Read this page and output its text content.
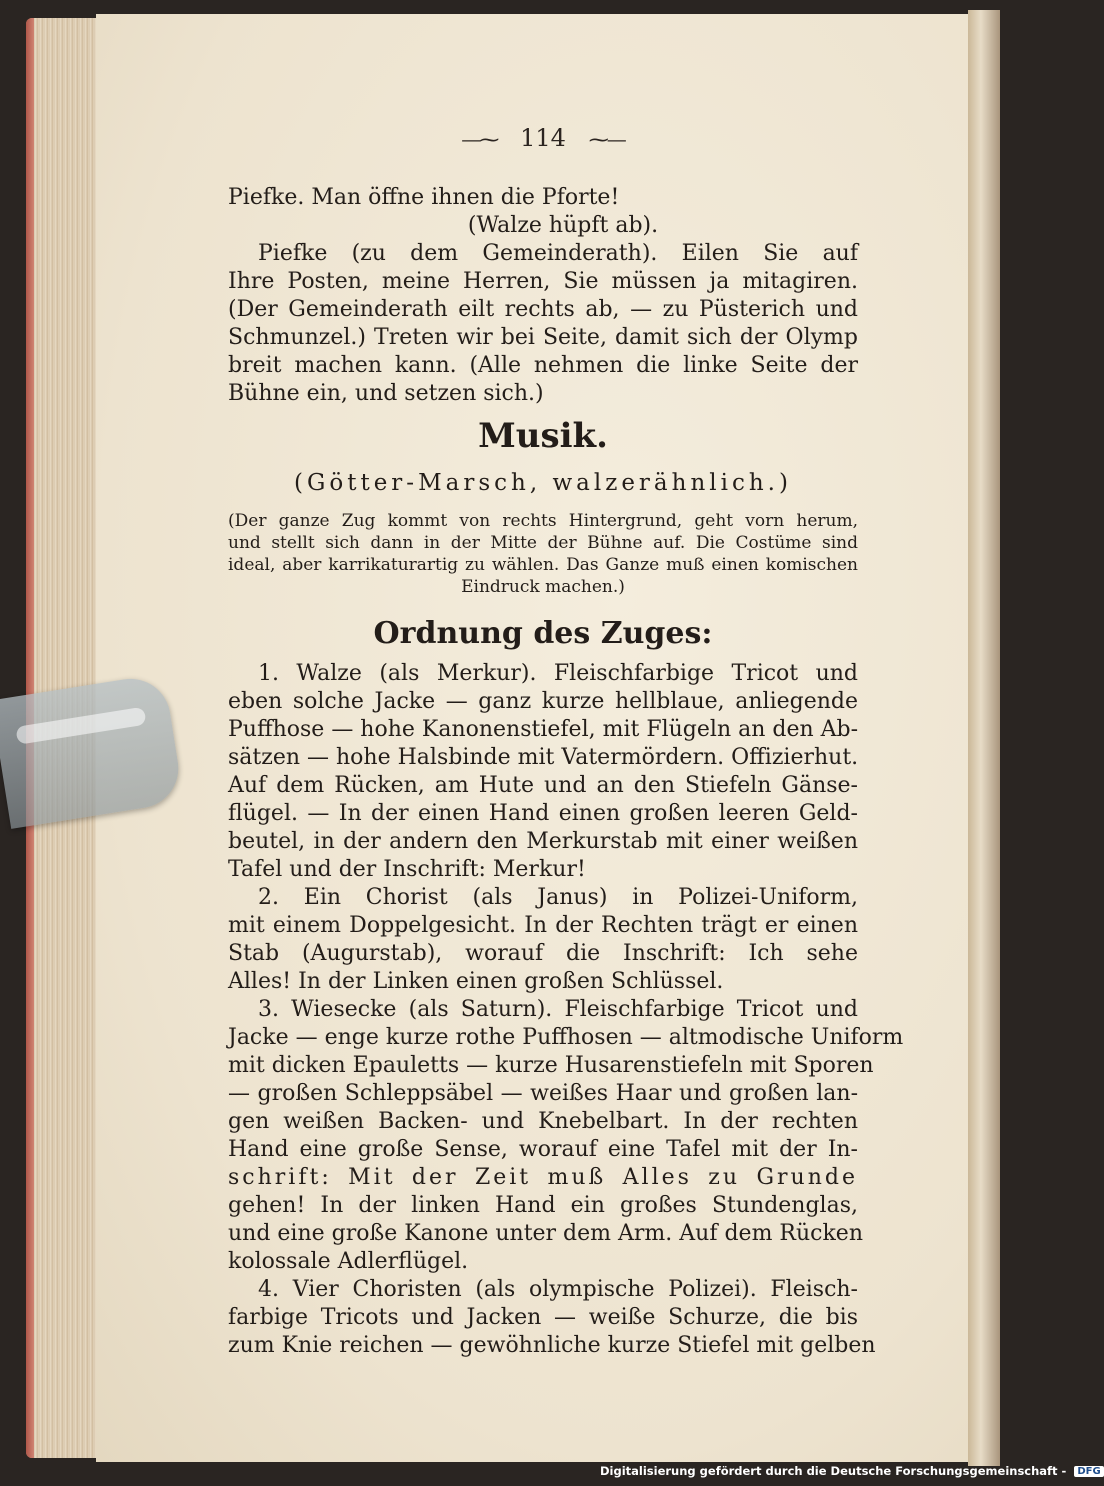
—⁓ 114 ⁓—
Piefke. Man öffne ihnen die Pforte!
(Walze hüpft ab).
Piefke (zu dem Gemeinderath). Eilen Sie auf
Ihre Posten, meine Herren, Sie müssen ja mitagiren.
(Der Gemeinderath eilt rechts ab, — zu Püsterich und
Schmunzel.) Treten wir bei Seite, damit sich der Olymp
breit machen kann. (Alle nehmen die linke Seite der
Bühne ein, und setzen sich.)
Musik.
(Götter-Marsch, walzerähnlich.)
(Der ganze Zug kommt von rechts Hintergrund, geht vorn herum,
und stellt sich dann in der Mitte der Bühne auf. Die Costüme sind
ideal, aber karrikaturartig zu wählen. Das Ganze muß einen komischen
Eindruck machen.)
Ordnung des Zuges:
1. Walze (als Merkur). Fleischfarbige Tricot und
eben solche Jacke — ganz kurze hellblaue, anliegende
Puffhose — hohe Kanonenstiefel, mit Flügeln an den Ab-
sätzen — hohe Halsbinde mit Vatermördern. Offizierhut.
Auf dem Rücken, am Hute und an den Stiefeln Gänse-
flügel. — In der einen Hand einen großen leeren Geld-
beutel, in der andern den Merkurstab mit einer weißen
Tafel und der Inschrift: Merkur!
2. Ein Chorist (als Janus) in Polizei-Uniform,
mit einem Doppelgesicht. In der Rechten trägt er einen
Stab (Augurstab), worauf die Inschrift: Ich sehe
Alles! In der Linken einen großen Schlüssel.
3. Wiesecke (als Saturn). Fleischfarbige Tricot und
Jacke — enge kurze rothe Puffhosen — altmodische Uniform
mit dicken Epauletts — kurze Husarenstiefeln mit Sporen
— großen Schleppsäbel — weißes Haar und großen lan-
gen weißen Backen- und Knebelbart. In der rechten
Hand eine große Sense, worauf eine Tafel mit der In-
schrift: Mit der Zeit muß Alles zu Grunde
gehen! In der linken Hand ein großes Stundenglas,
und eine große Kanone unter dem Arm. Auf dem Rücken
kolossale Adlerflügel.
4. Vier Choristen (als olympische Polizei). Fleisch-
farbige Tricots und Jacken — weiße Schurze, die bis
zum Knie reichen — gewöhnliche kurze Stiefel mit gelben
Digitalisierung gefördert durch die Deutsche Forschungsgemeinschaft - DFG
